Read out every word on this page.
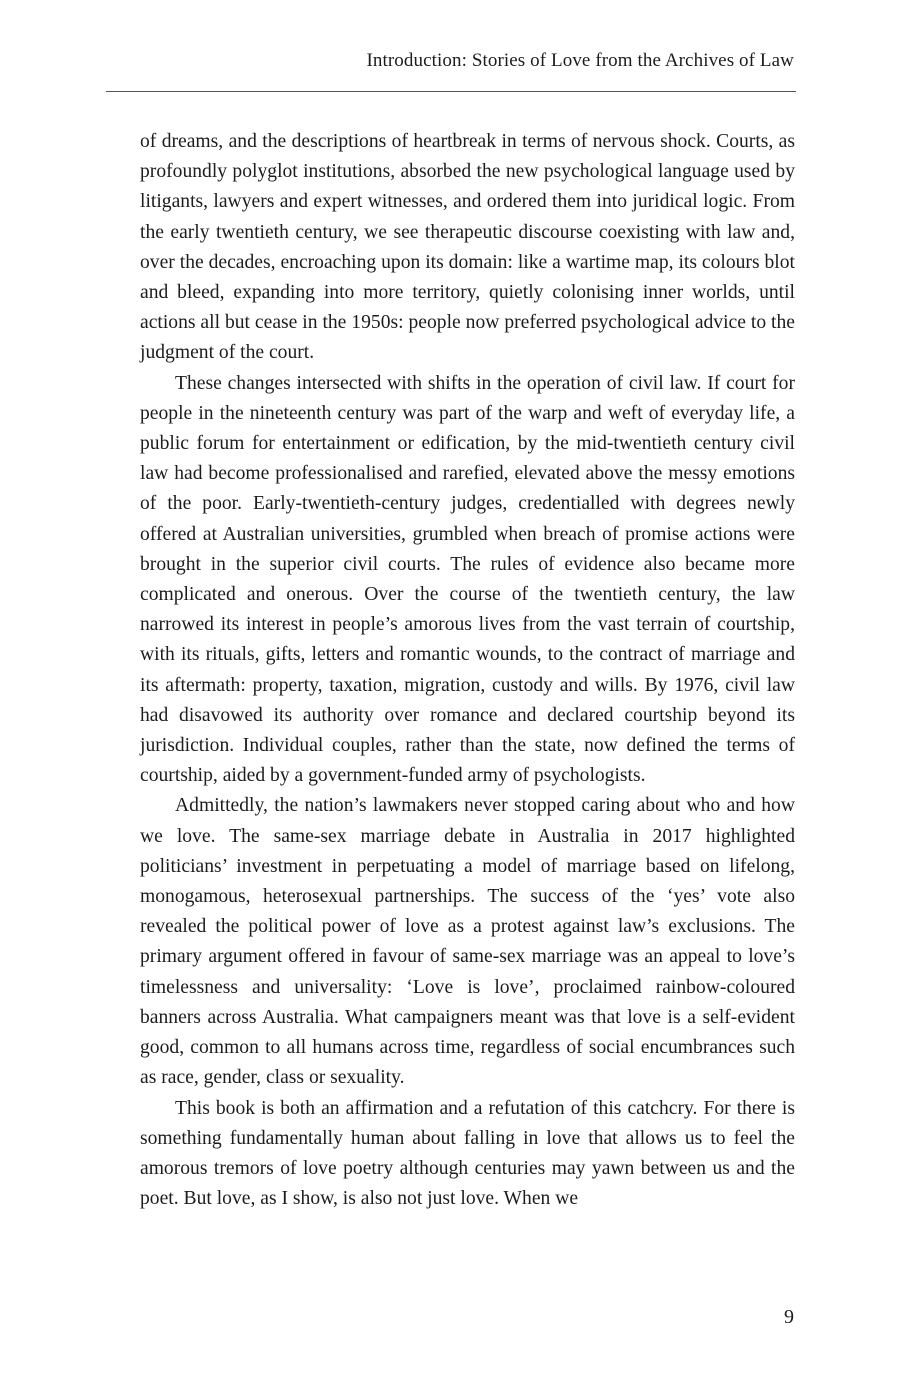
Introduction: Stories of Love from the Archives of Law

of dreams, and the descriptions of heartbreak in terms of nervous shock. Courts, as profoundly polyglot institutions, absorbed the new psychological language used by litigants, lawyers and expert witnesses, and ordered them into juridical logic. From the early twentieth century, we see therapeutic discourse coexisting with law and, over the decades, encroaching upon its domain: like a wartime map, its colours blot and bleed, expanding into more territory, quietly colonising inner worlds, until actions all but cease in the 1950s: people now preferred psychological advice to the judgment of the court.

These changes intersected with shifts in the operation of civil law. If court for people in the nineteenth century was part of the warp and weft of everyday life, a public forum for entertainment or edification, by the mid-twentieth century civil law had become professionalised and rarefied, elevated above the messy emotions of the poor. Early-twentieth-century judges, credentialled with degrees newly offered at Australian universities, grumbled when breach of promise actions were brought in the superior civil courts. The rules of evidence also became more complicated and onerous. Over the course of the twentieth century, the law narrowed its interest in people’s amorous lives from the vast terrain of courtship, with its rituals, gifts, letters and romantic wounds, to the contract of marriage and its aftermath: property, taxation, migration, custody and wills. By 1976, civil law had disavowed its authority over romance and declared courtship beyond its jurisdiction. Individual couples, rather than the state, now defined the terms of courtship, aided by a government-funded army of psychologists.

Admittedly, the nation’s lawmakers never stopped caring about who and how we love. The same-sex marriage debate in Australia in 2017 highlighted politicians’ investment in perpetuating a model of marriage based on lifelong, monogamous, heterosexual partnerships. The success of the ‘yes’ vote also revealed the political power of love as a protest against law’s exclusions. The primary argument offered in favour of same-sex marriage was an appeal to love’s timelessness and universality: ‘Love is love’, proclaimed rainbow-coloured banners across Australia. What campaigners meant was that love is a self-evident good, common to all humans across time, regardless of social encumbrances such as race, gender, class or sexuality.

This book is both an affirmation and a refutation of this catchcry. For there is something fundamentally human about falling in love that allows us to feel the amorous tremors of love poetry although centuries may yawn between us and the poet. But love, as I show, is also not just love. When we

9
